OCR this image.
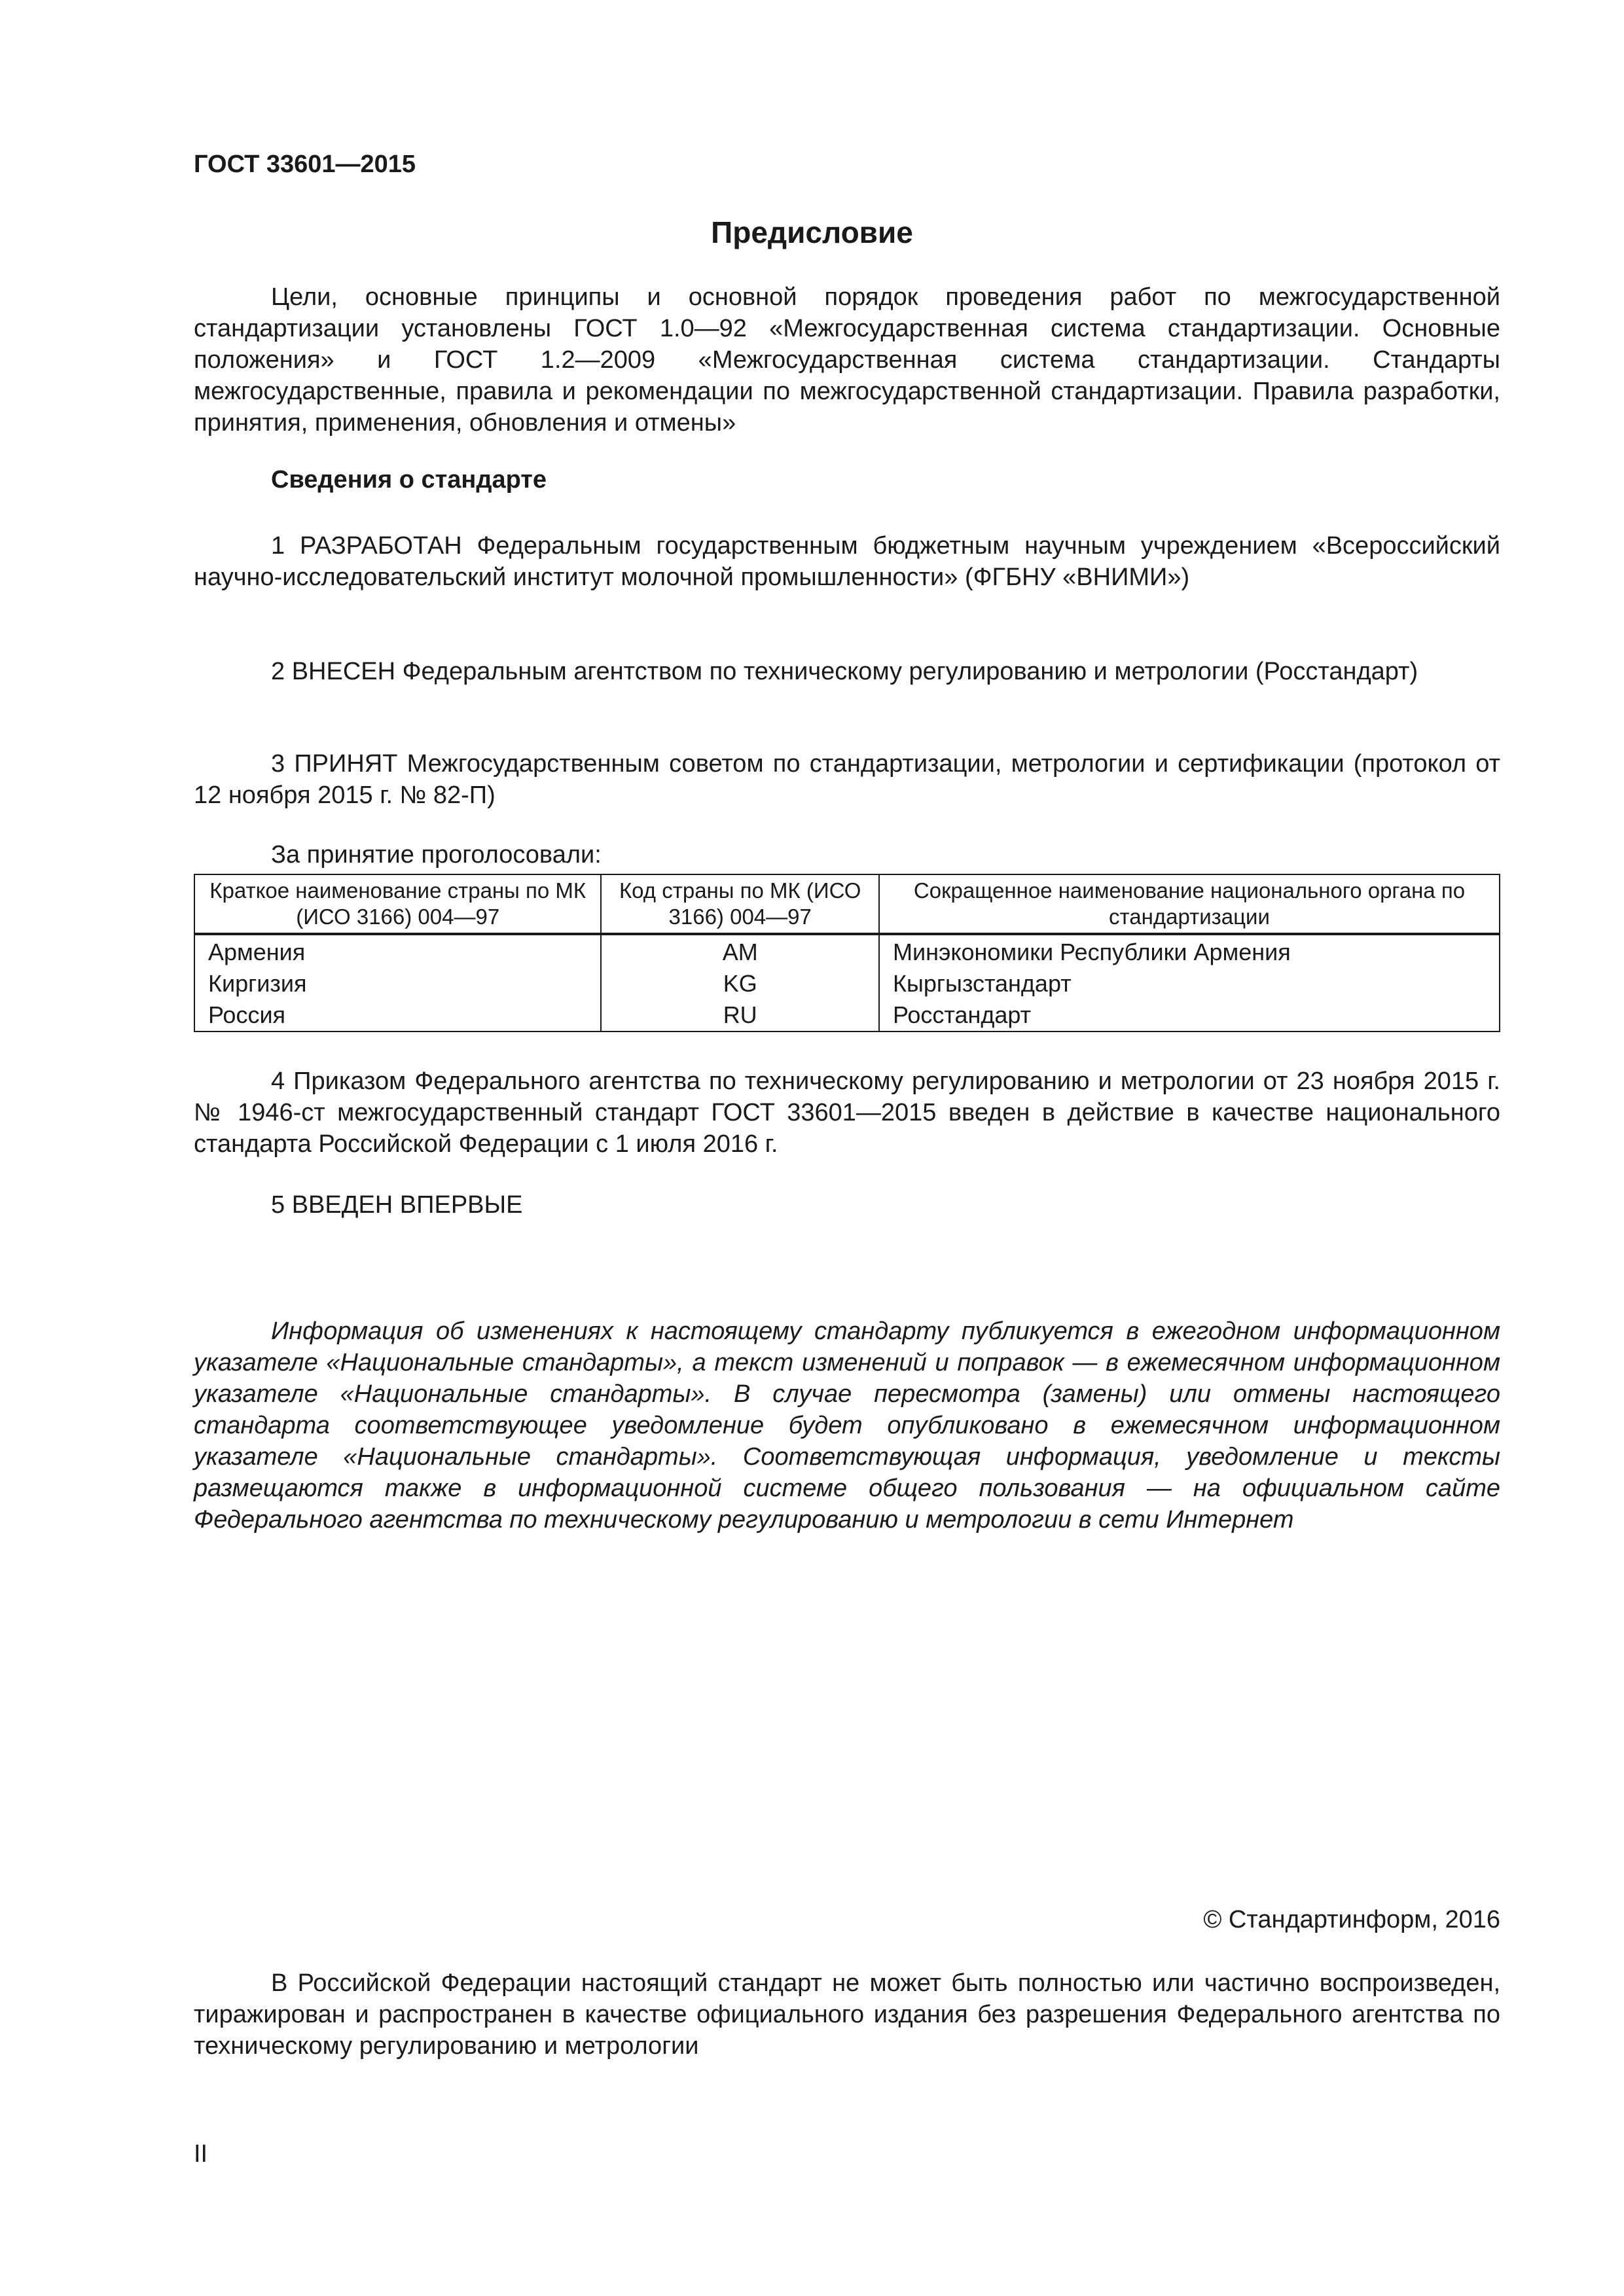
ГОСТ 33601—2015
Предисловие
Цели, основные принципы и основной порядок проведения работ по межгосударственной стандартизации установлены ГОСТ 1.0—92 «Межгосударственная система стандартизации. Основные положения» и ГОСТ 1.2—2009 «Межгосударственная система стандартизации. Стандарты межгосударственные, правила и рекомендации по межгосударственной стандартизации. Правила разработки, принятия, применения, обновления и отмены»
Сведения о стандарте
1 РАЗРАБОТАН Федеральным государственным бюджетным научным учреждением «Всероссийский научно-исследовательский институт молочной промышленности» (ФГБНУ «ВНИМИ»)
2 ВНЕСЕН Федеральным агентством по техническому регулированию и метрологии (Росстандарт)
3 ПРИНЯТ Межгосударственным советом по стандартизации, метрологии и сертификации (протокол от 12 ноября 2015 г. № 82-П)
За принятие проголосовали:
Краткое наименование страны по МК (ИСО 3166) 004—97	Код страны по МК (ИСО 3166) 004—97	Сокращенное наименование национального органа по стандартизации
Армения	AM	Минэкономики Республики Армения
Киргизия	KG	Кыргызстандарт
Россия	RU	Росстандарт
4 Приказом Федерального агентства по техническому регулированию и метрологии от 23 ноября 2015 г. № 1946-ст межгосударственный стандарт ГОСТ 33601—2015 введен в действие в качестве национального стандарта Российской Федерации с 1 июля 2016 г.
5 ВВЕДЕН ВПЕРВЫЕ
Информация об изменениях к настоящему стандарту публикуется в ежегодном информационном указателе «Национальные стандарты», а текст изменений и поправок — в ежемесячном информационном указателе «Национальные стандарты». В случае пересмотра (замены) или отмены настоящего стандарта соответствующее уведомление будет опубликовано в ежемесячном информационном указателе «Национальные стандарты». Соответствующая информация, уведомление и тексты размещаются также в информационной системе общего пользования — на официальном сайте Федерального агентства по техническому регулированию и метрологии в сети Интернет
© Стандартинформ, 2016
В Российской Федерации настоящий стандарт не может быть полностью или частично воспроизведен, тиражирован и распространен в качестве официального издания без разрешения Федерального агентства по техническому регулированию и метрологии
II
